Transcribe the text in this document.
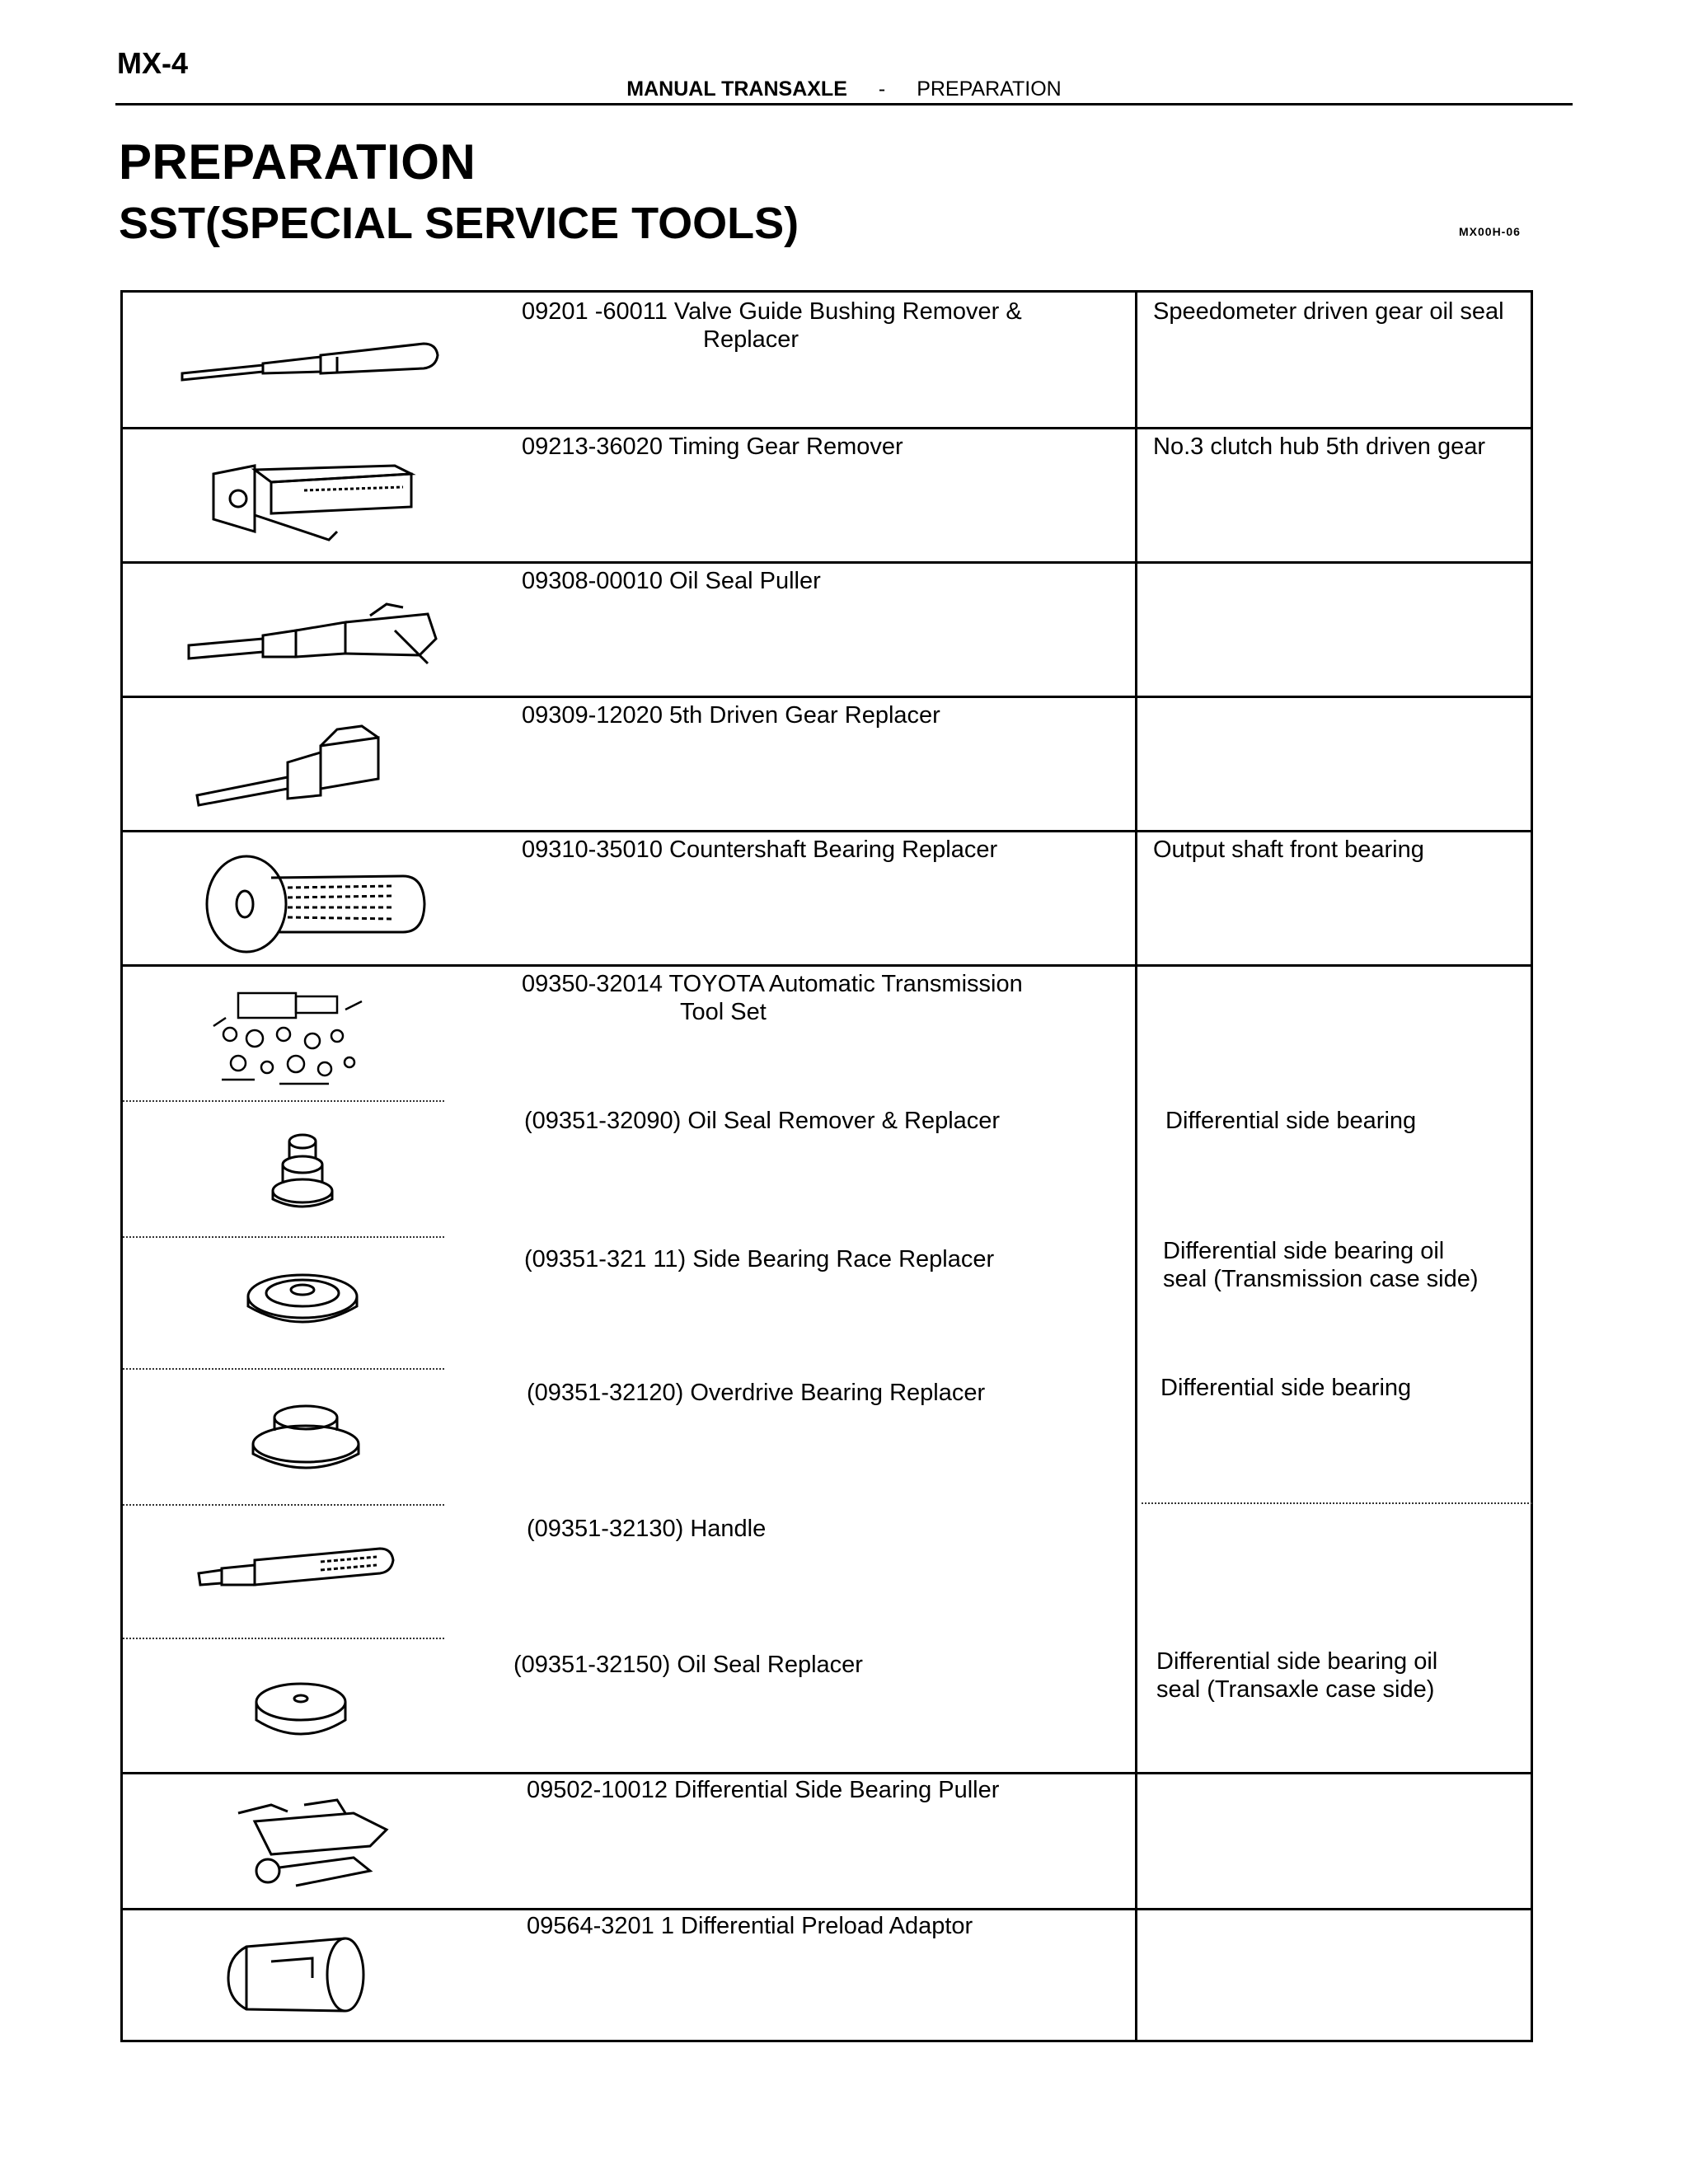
MX-4
MANUAL TRANSAXLE - PREPARATION
PREPARATION
SST(SPECIAL SERVICE TOOLS)	MX00H-06
09201 -60011 Valve Guide Bushing Remover &
Replacer
Speedometer driven gear oil seal
09213-36020 Timing Gear Remover	No.3 clutch hub 5th driven gear
09308-00010 Oil Seal Puller
09309-12020 5th Driven Gear Replacer
09310-35010 Countershaft Bearing Replacer	Output shaft front bearing
09350-32014 TOYOTA Automatic Transmission
Tool Set
(09351-32090) Oil Seal Remover & Replacer	Differential side bearing
(09351-321 11) Side Bearing Race Replacer	Differential side bearing oil
seal (Transmission case side)
(09351-32120) Overdrive Bearing Replacer	Differential side bearing
(09351-32130) Handle
(09351-32150) Oil Seal Replacer	Differential side bearing oil
seal (Transaxle case side)
09502-10012 Differential Side Bearing Puller
09564-3201 1 Differential Preload Adaptor
